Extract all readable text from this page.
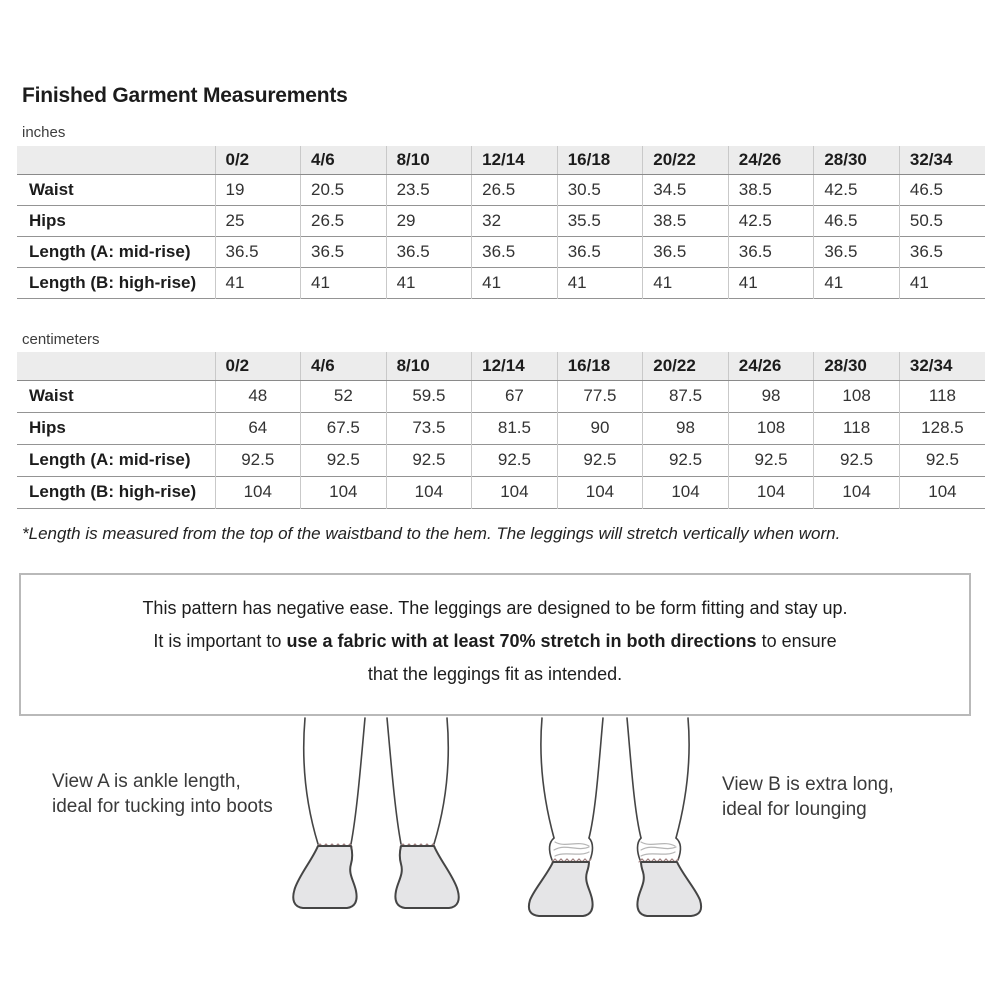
Finished Garment Measurements
inches
	0/2	4/6	8/10	12/14	16/18	20/22	24/26	28/30	32/34
Waist	19	20.5	23.5	26.5	30.5	34.5	38.5	42.5	46.5
Hips	25	26.5	29	32	35.5	38.5	42.5	46.5	50.5
Length (A: mid-rise)	36.5	36.5	36.5	36.5	36.5	36.5	36.5	36.5	36.5
Length (B: high-rise)	41	41	41	41	41	41	41	41	41
centimeters
	0/2	4/6	8/10	12/14	16/18	20/22	24/26	28/30	32/34
Waist	48	52	59.5	67	77.5	87.5	98	108	118
Hips	64	67.5	73.5	81.5	90	98	108	118	128.5
Length (A: mid-rise)	92.5	92.5	92.5	92.5	92.5	92.5	92.5	92.5	92.5
Length (B: high-rise)	104	104	104	104	104	104	104	104	104
*Length is measured from the top of the waistband to the hem. The leggings will stretch vertically when worn.
This pattern has negative ease. The leggings are designed to be form fitting and stay up.
It is important to use a fabric with at least 70% stretch in both directions to ensure
that the leggings fit as intended.
View A is ankle length,
ideal for tucking into boots
View B is extra long,
ideal for lounging
